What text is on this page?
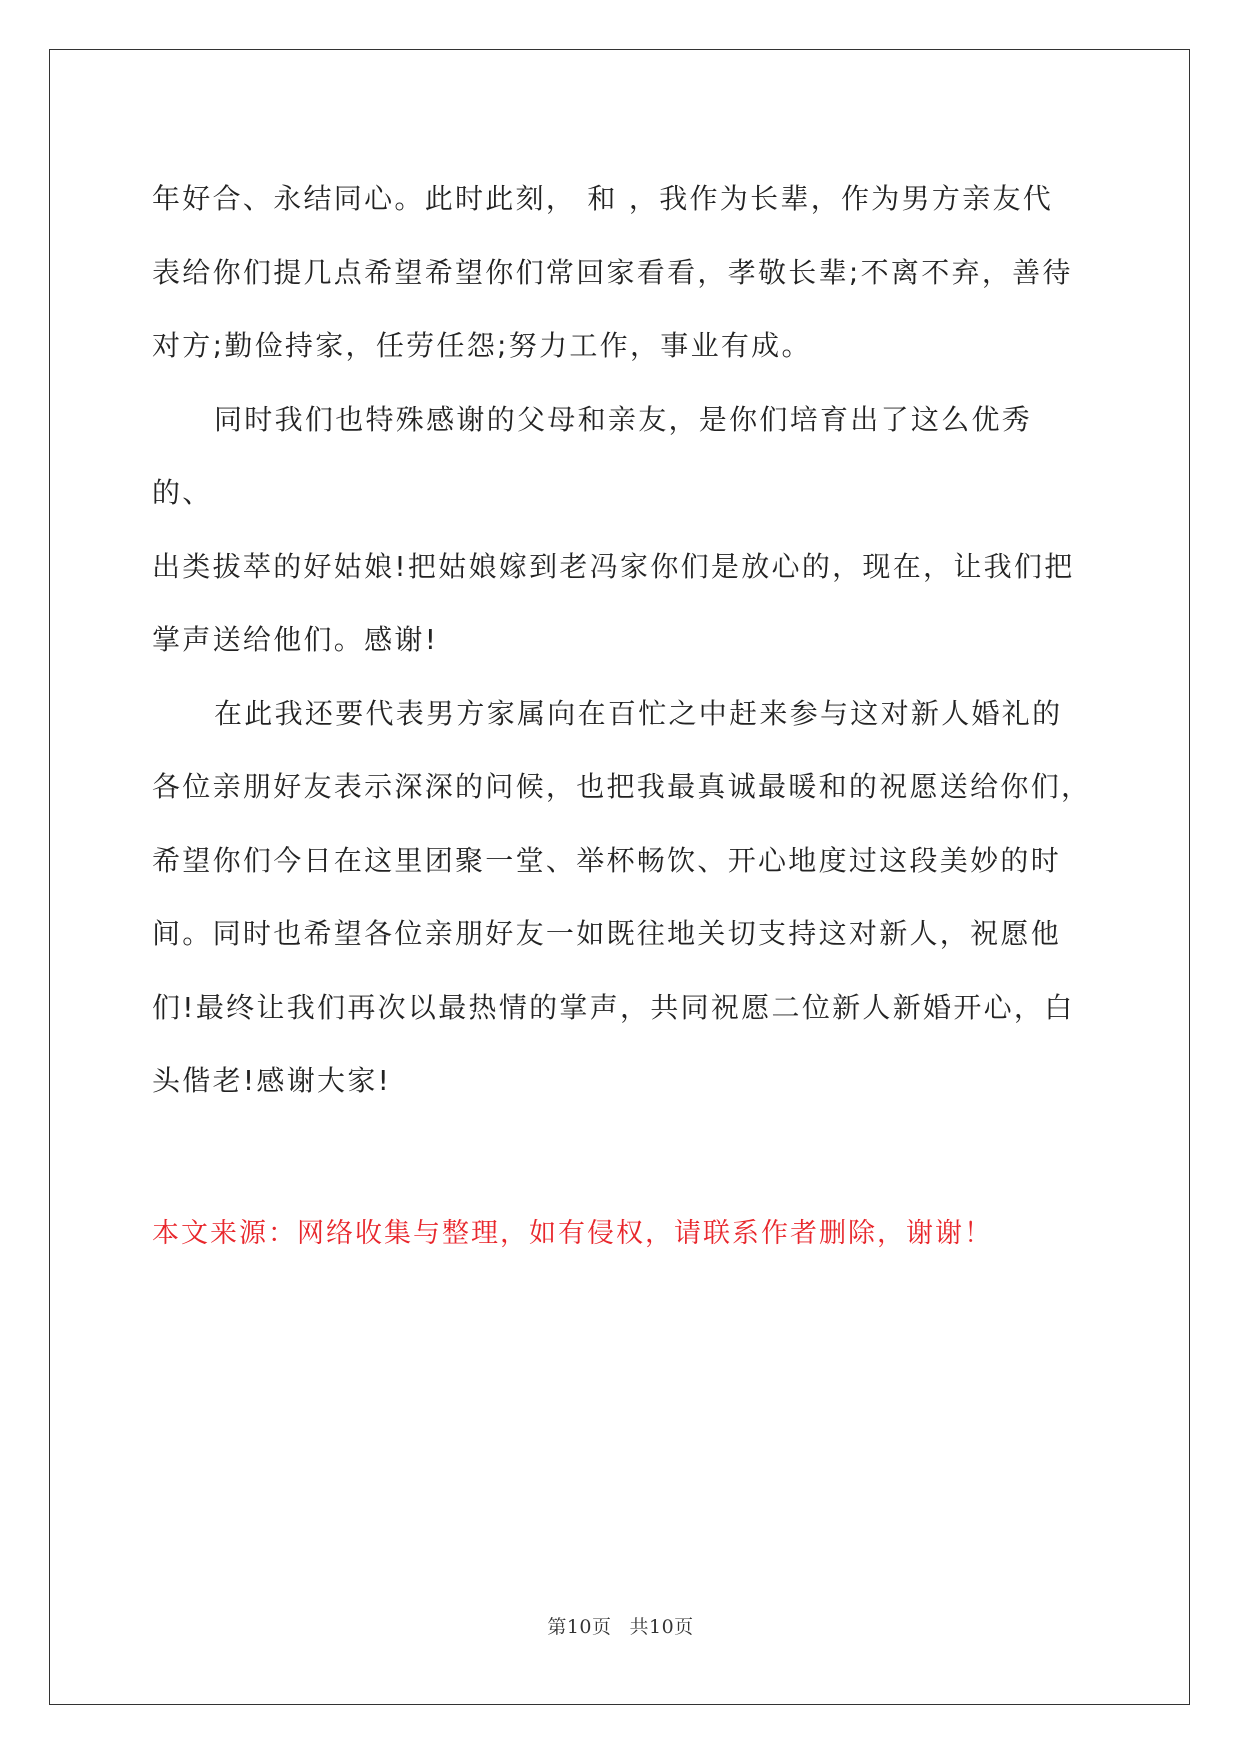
年好合、永结同心。此时此刻， 和 ，我作为长辈，作为男方亲友代
表给你们提几点希望希望你们常回家看看，孝敬长辈;不离不弃，善待
对方;勤俭持家，任劳任怨;努力工作，事业有成。

同时我们也特殊感谢的父母和亲友，是你们培育出了这么优秀的、
出类拔萃的好姑娘!把姑娘嫁到老冯家你们是放心的，现在，让我们把
掌声送给他们。感谢!

在此我还要代表男方家属向在百忙之中赶来参与这对新人婚礼的
各位亲朋好友表示深深的问候，也把我最真诚最暖和的祝愿送给你们，
希望你们今日在这里团聚一堂、举杯畅饮、开心地度过这段美妙的时
间。同时也希望各位亲朋好友一如既往地关切支持这对新人，祝愿他
们!最终让我们再次以最热情的掌声，共同祝愿二位新人新婚开心，白
头偕老!感谢大家!

本文来源：网络收集与整理，如有侵权，请联系作者删除，谢谢！
第10页 共10页
